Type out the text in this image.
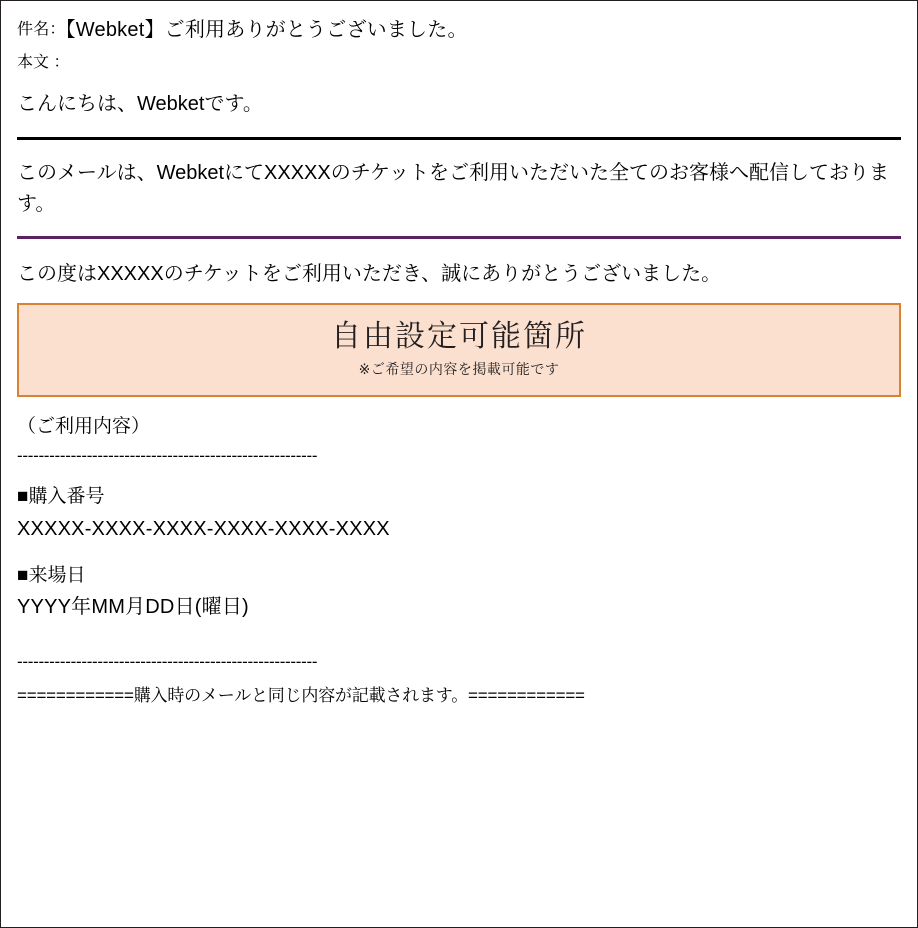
件名：【Webket】ご利用ありがとうございました。
本文 ：
こんにちは、Webketです。
このメールは、WebketにてXXXXXのチケットをご利用いただいた全てのお客様へ配信しております。
この度はXXXXXのチケットをご利用いただき、誠にありがとうございました。
自由設定可能箇所
※ご希望の内容を掲載可能です
（ご利用内容）
--------------------------------------------------------
■購入番号
XXXXX-XXXX-XXXX-XXXX-XXXX-XXXX
■来場日
YYYY年MM月DD日(曜日)
--------------------------------------------------------
============購入時のメールと同じ内容が記載されます。============
